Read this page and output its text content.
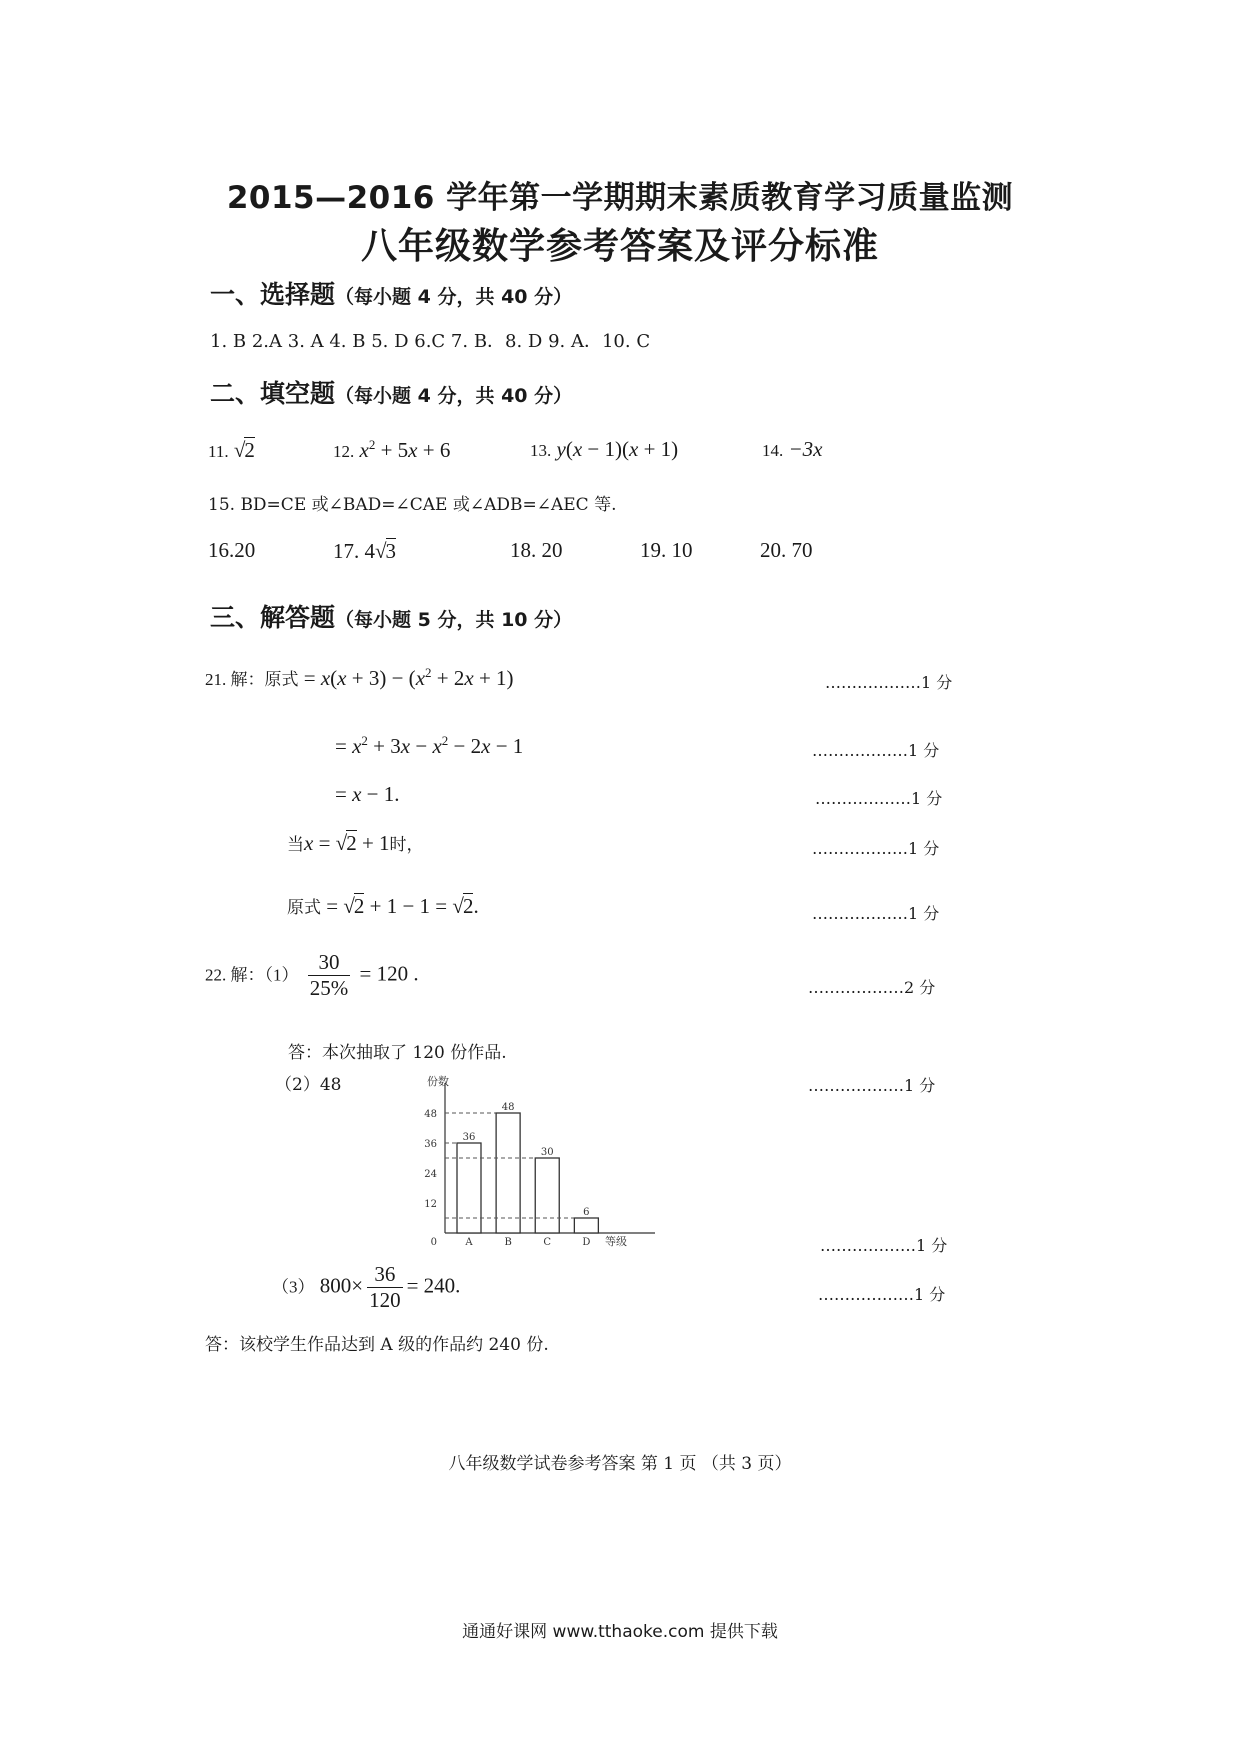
2015—2016 学年第一学期期末素质教育学习质量监测
八年级数学参考答案及评分标准
一、选择题（每小题 4 分，共 40 分）
1. B 2.A 3. A 4. B 5. D 6.C 7. B．8. D 9. A．10. C
二、填空题（每小题 4 分，共 40 分）
11. √2	12. $x^2 + 5x + 6$	13. y(x − 1)(x + 1)	14. −3x
15. BD=CE 或∠BAD=∠CAE 或∠ADB=∠AEC 等.
16.20	17. 4√3	18. 20	19. 10	20. 70
三、解答题（每小题 5 分，共 10 分）
21. 解：原式 = $x(x + 3) - (x^2 + 2x + 1)$
= $x^2 + 3x - x^2 - 2x - 1$
= x − 1.
当x = √2 + 1时，
原式 = √2 + 1 − 1 = √2.
………………1 分
………………1 分
………………1 分
………………1 分
………………1 分
22. 解：$(1) \frac{30}{25\%} = 120$ .
………………2 分
答：本次抽取了 120 份作品.
（2）48	………………1 分
份数
等级
0
12
24
36
48
36
A
48
B
30
C
6
D	………………1 分
（3） $800\times \frac{36}{120} = 240$.	………………1 分
答：该校学生作品达到 A 级的作品约 240 份.
八年级数学试卷参考答案 第 1 页 （共 3 页）
通通好课网 www.tthaoke.com 提供下载
